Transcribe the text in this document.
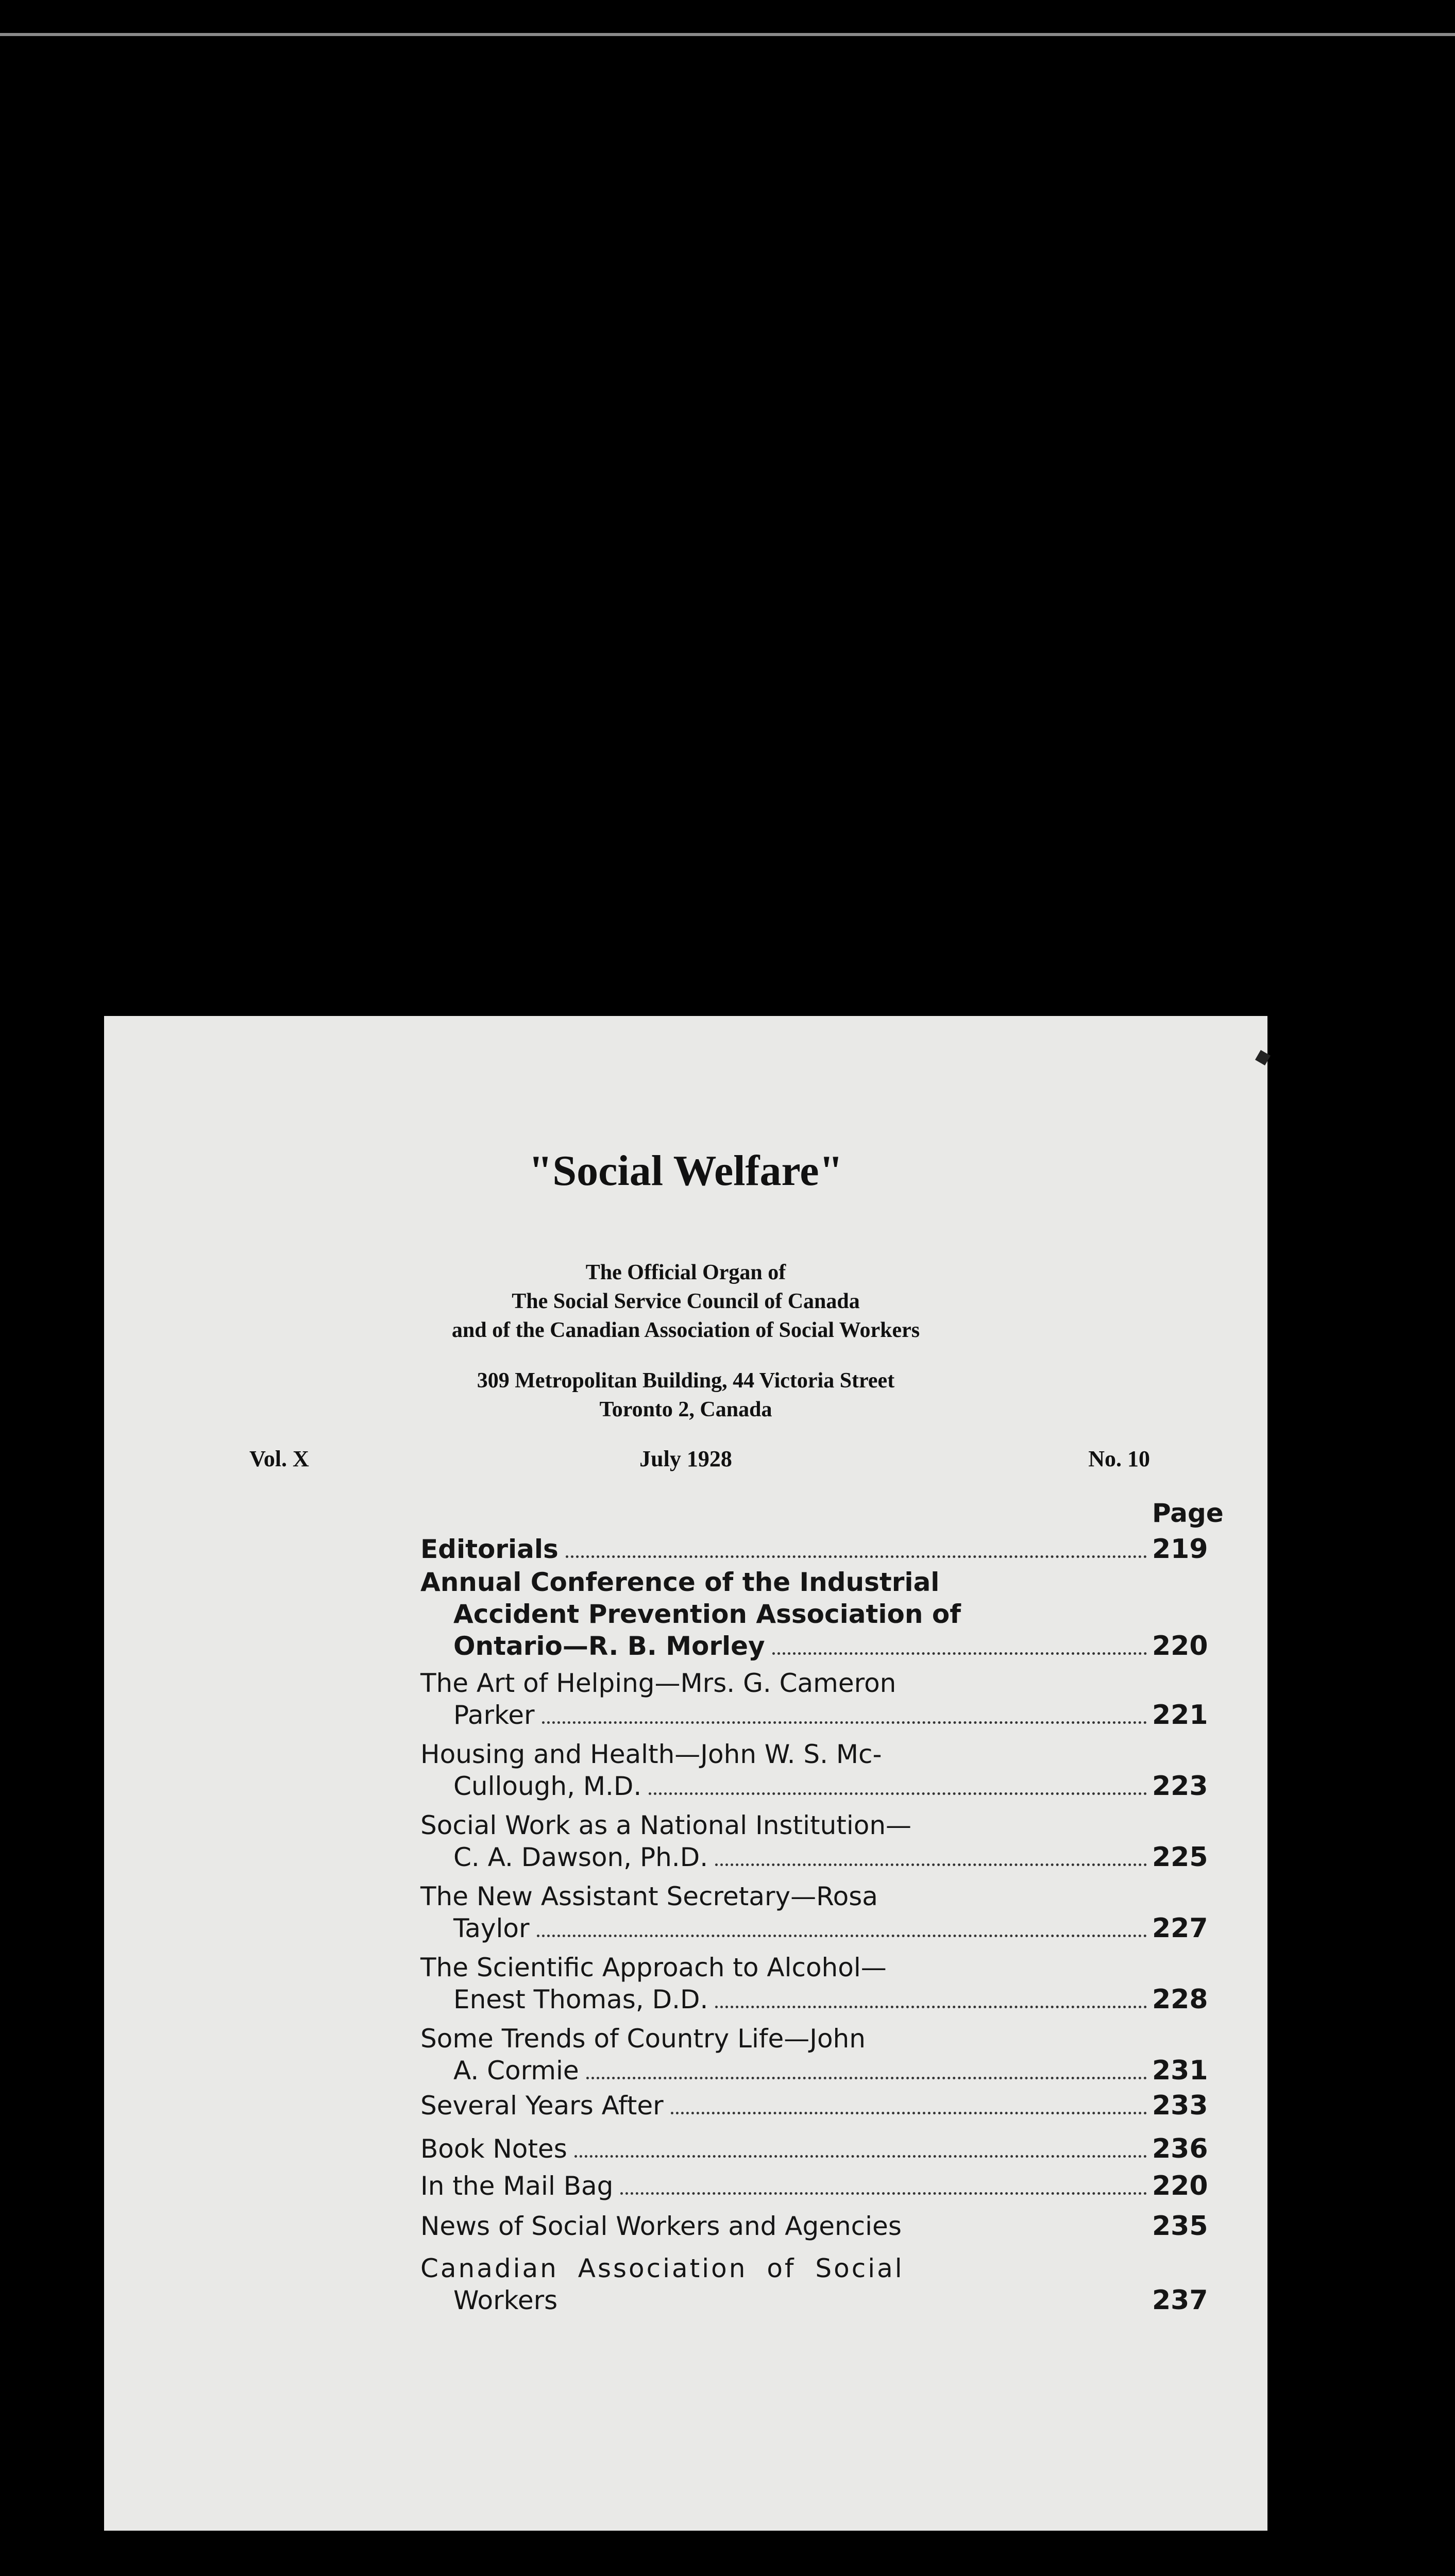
"Social Welfare"
The Official Organ of
The Social Service Council of Canada
and of the Canadian Association of Social Workers
309 Metropolitan Building, 44 Victoria Street
Toronto 2, Canada
Vol. X	July 1928	No. 10
Page
Editorials	219
Annual Conference of the Industrial
Accident Prevention Association of
Ontario—R. B. Morley	220
The Art of Helping—Mrs. G. Cameron
Parker	221
Housing and Health—John W. S. Mc-
Cullough, M.D.	223
Social Work as a National Institution—
C. A. Dawson, Ph.D.	225
The New Assistant Secretary—Rosa
Taylor	227
The Scientific Approach to Alcohol—
Enest Thomas, D.D.	228
Some Trends of Country Life—John
A. Cormie	231
Several Years After	233
Book Notes	236
In the Mail Bag	220
News of Social Workers and Agencies	235
Canadian Association of Social
Workers	237
